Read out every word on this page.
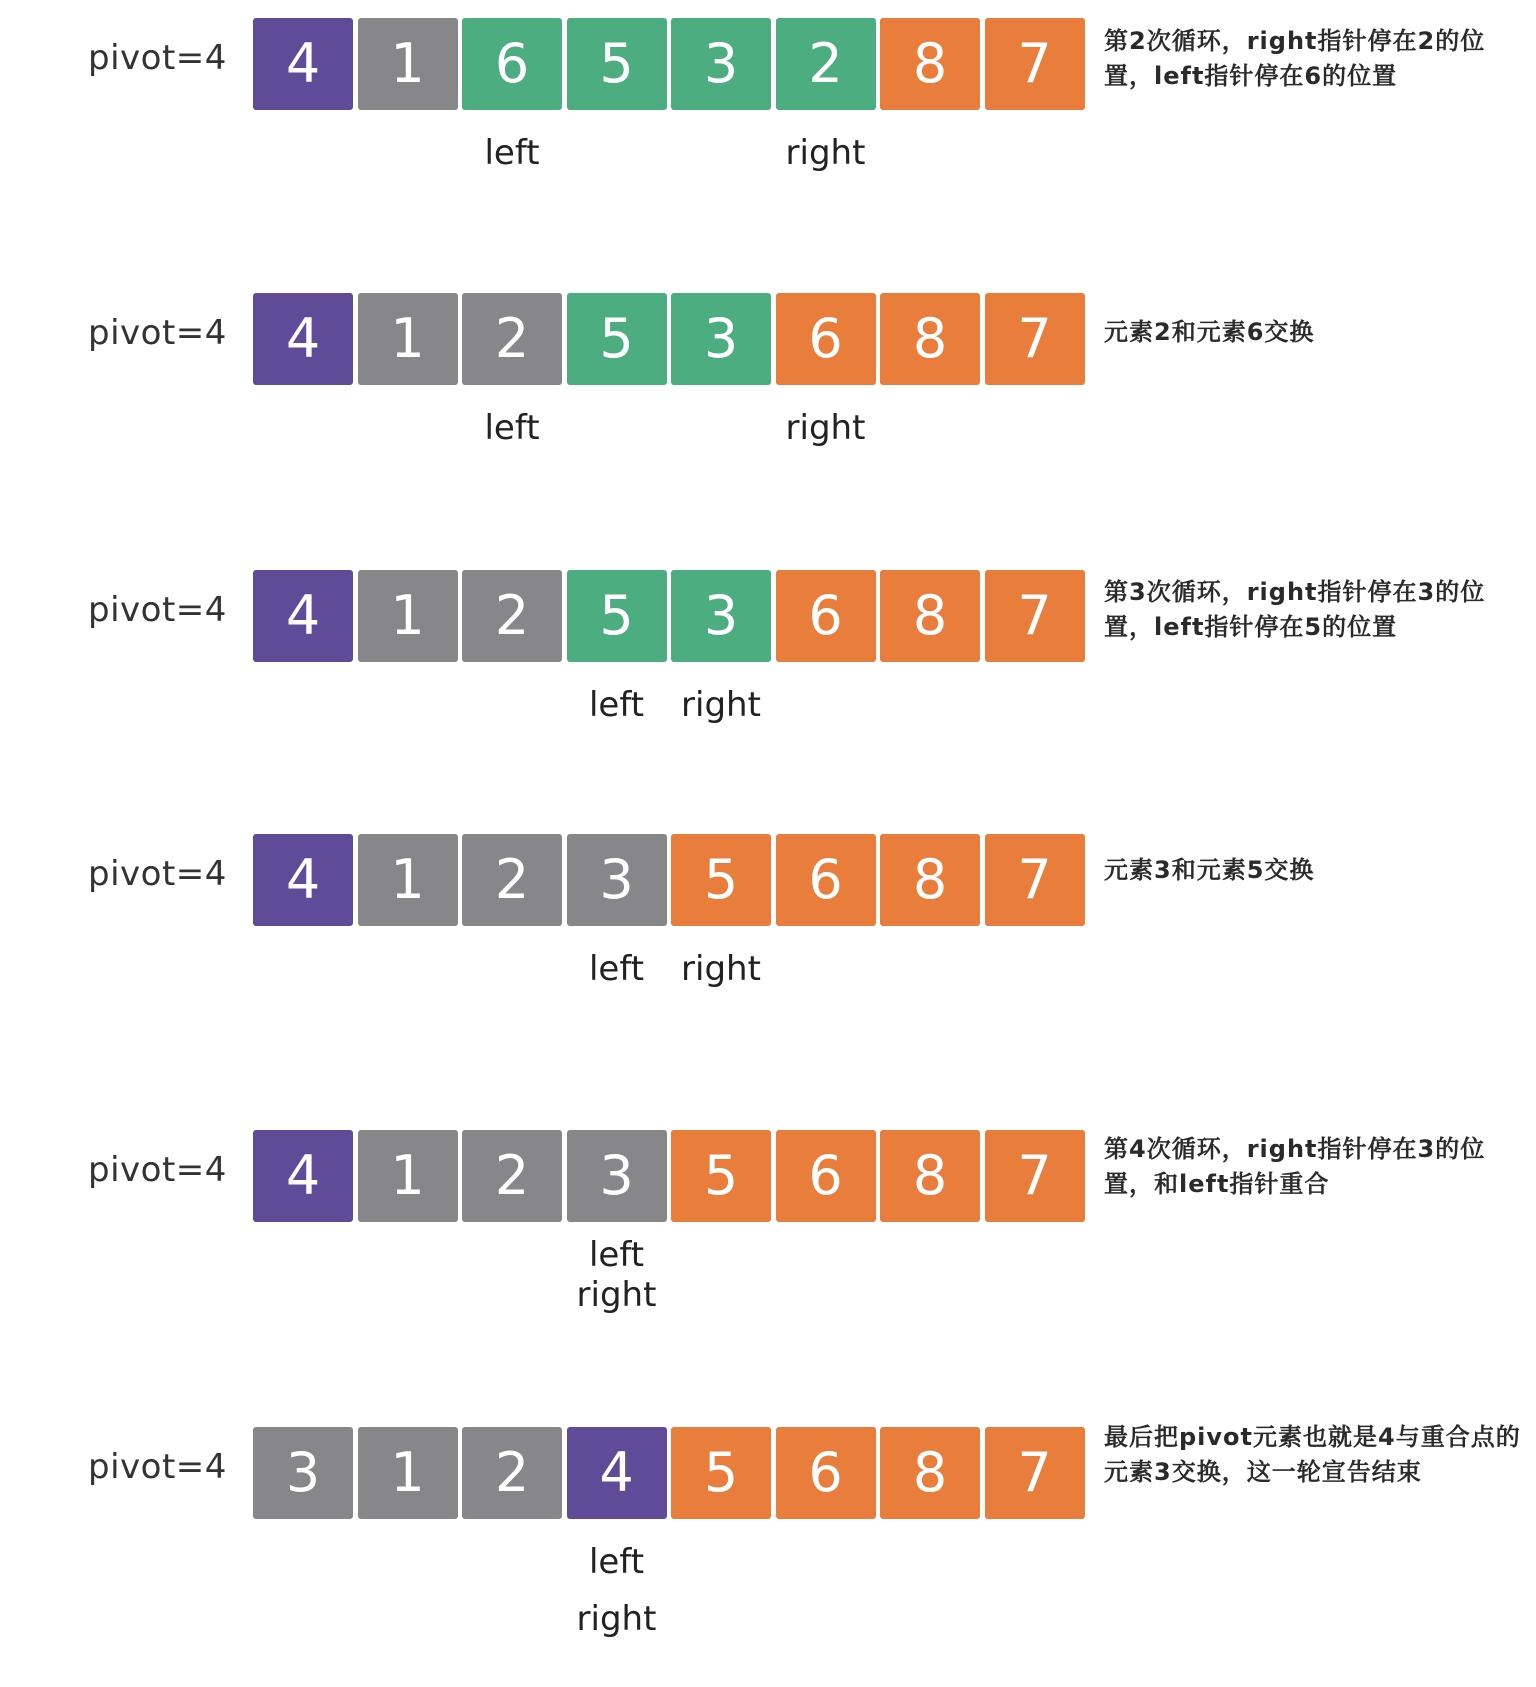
pivot=4	4	1	6	5	3	2	8	7
left	right
第2次循环，right指针停在2的位置，left指针停在6的位置
pivot=4	4	1	2	5	3	6	8	7
left	right
元素2和元素6交换
pivot=4	4	1	2	5	3	6	8	7
left	right
第3次循环，right指针停在3的位置，left指针停在5的位置
pivot=4	4	1	2	3	5	6	8	7
left	right
元素3和元素5交换
pivot=4	4	1	2	3	5	6	8	7
left
right
第4次循环，right指针停在3的位置，和left指针重合
pivot=4	3	1	2	4	5	6	8	7
left
right
最后把pivot元素也就是4与重合点的元素3交换，这一轮宣告结束
